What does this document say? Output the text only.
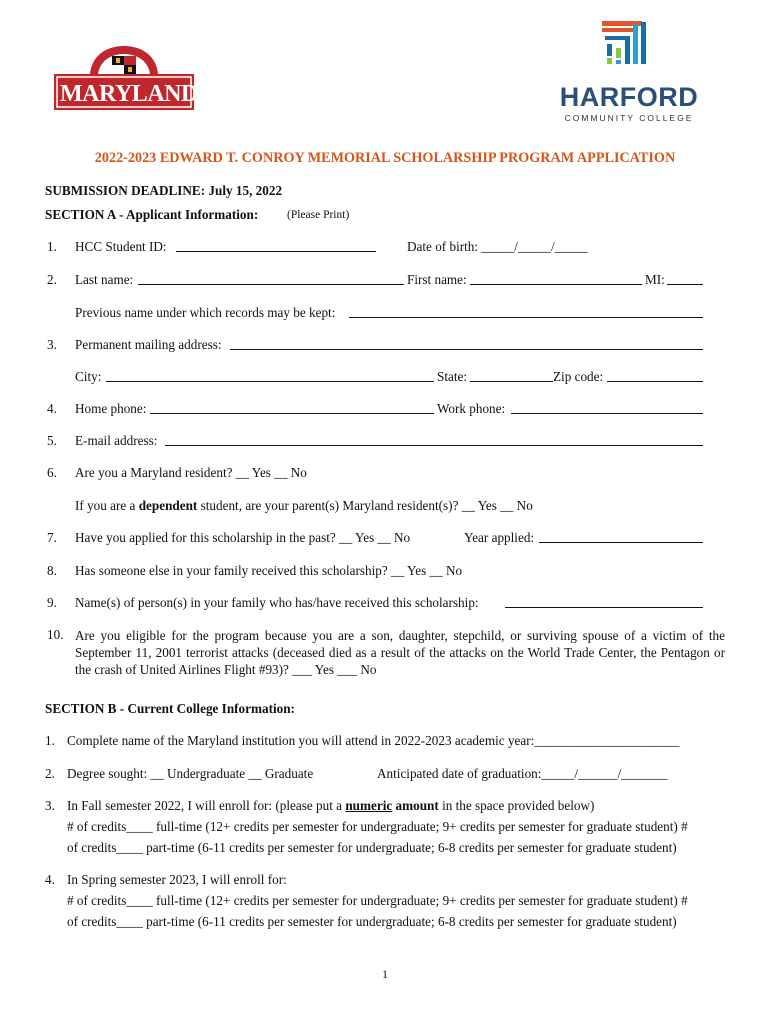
MARYLAND	HARFORD
COMMUNITY COLLEGE
2022-2023 EDWARD T. CONROY MEMORIAL SCHOLARSHIP PROGRAM APPLICATION
SUBMISSION DEADLINE: July 15, 2022
SECTION A - Applicant Information:	(Please Print)
1. HCC Student ID:	Date of birth: _____/_____/_____
2. Last name:	First name:	MI:
Previous name under which records may be kept:
3. Permanent mailing address:
City:	State:	Zip code:
4. Home phone:	Work phone:
5. E-mail address:
6. Are you a Maryland resident? __ Yes __ No
If you are a dependent student, are your parent(s) Maryland resident(s)? __ Yes __ No
7. Have you applied for this scholarship in the past? __ Yes __ No	Year applied:
8. Has someone else in your family received this scholarship? __ Yes __ No
9. Name(s) of person(s) in your family who has/have received this scholarship:
10. Are you eligible for the program because you are a son, daughter, stepchild, or surviving spouse of a victim of the September 11, 2001 terrorist attacks (deceased died as a result of the attacks on the World Trade Center, the Pentagon or the crash of United Airlines Flight #93)? ___ Yes ___ No
SECTION B - Current College Information:
1. Complete name of the Maryland institution you will attend in 2022-2023 academic year:______________________
2. Degree sought: __ Undergraduate __ Graduate	Anticipated date of graduation:_____/______/_______
3. In Fall semester 2022, I will enroll for: (please put a numeric amount in the space provided below)
# of credits____ full-time (12+ credits per semester for undergraduate; 9+ credits per semester for graduate student) #
of credits____ part-time (6-11 credits per semester for undergraduate; 6-8 credits per semester for graduate student)
4. In Spring semester 2023, I will enroll for:
# of credits____ full-time (12+ credits per semester for undergraduate; 9+ credits per semester for graduate student) #
of credits____ part-time (6-11 credits per semester for undergraduate; 6-8 credits per semester for graduate student)
1
